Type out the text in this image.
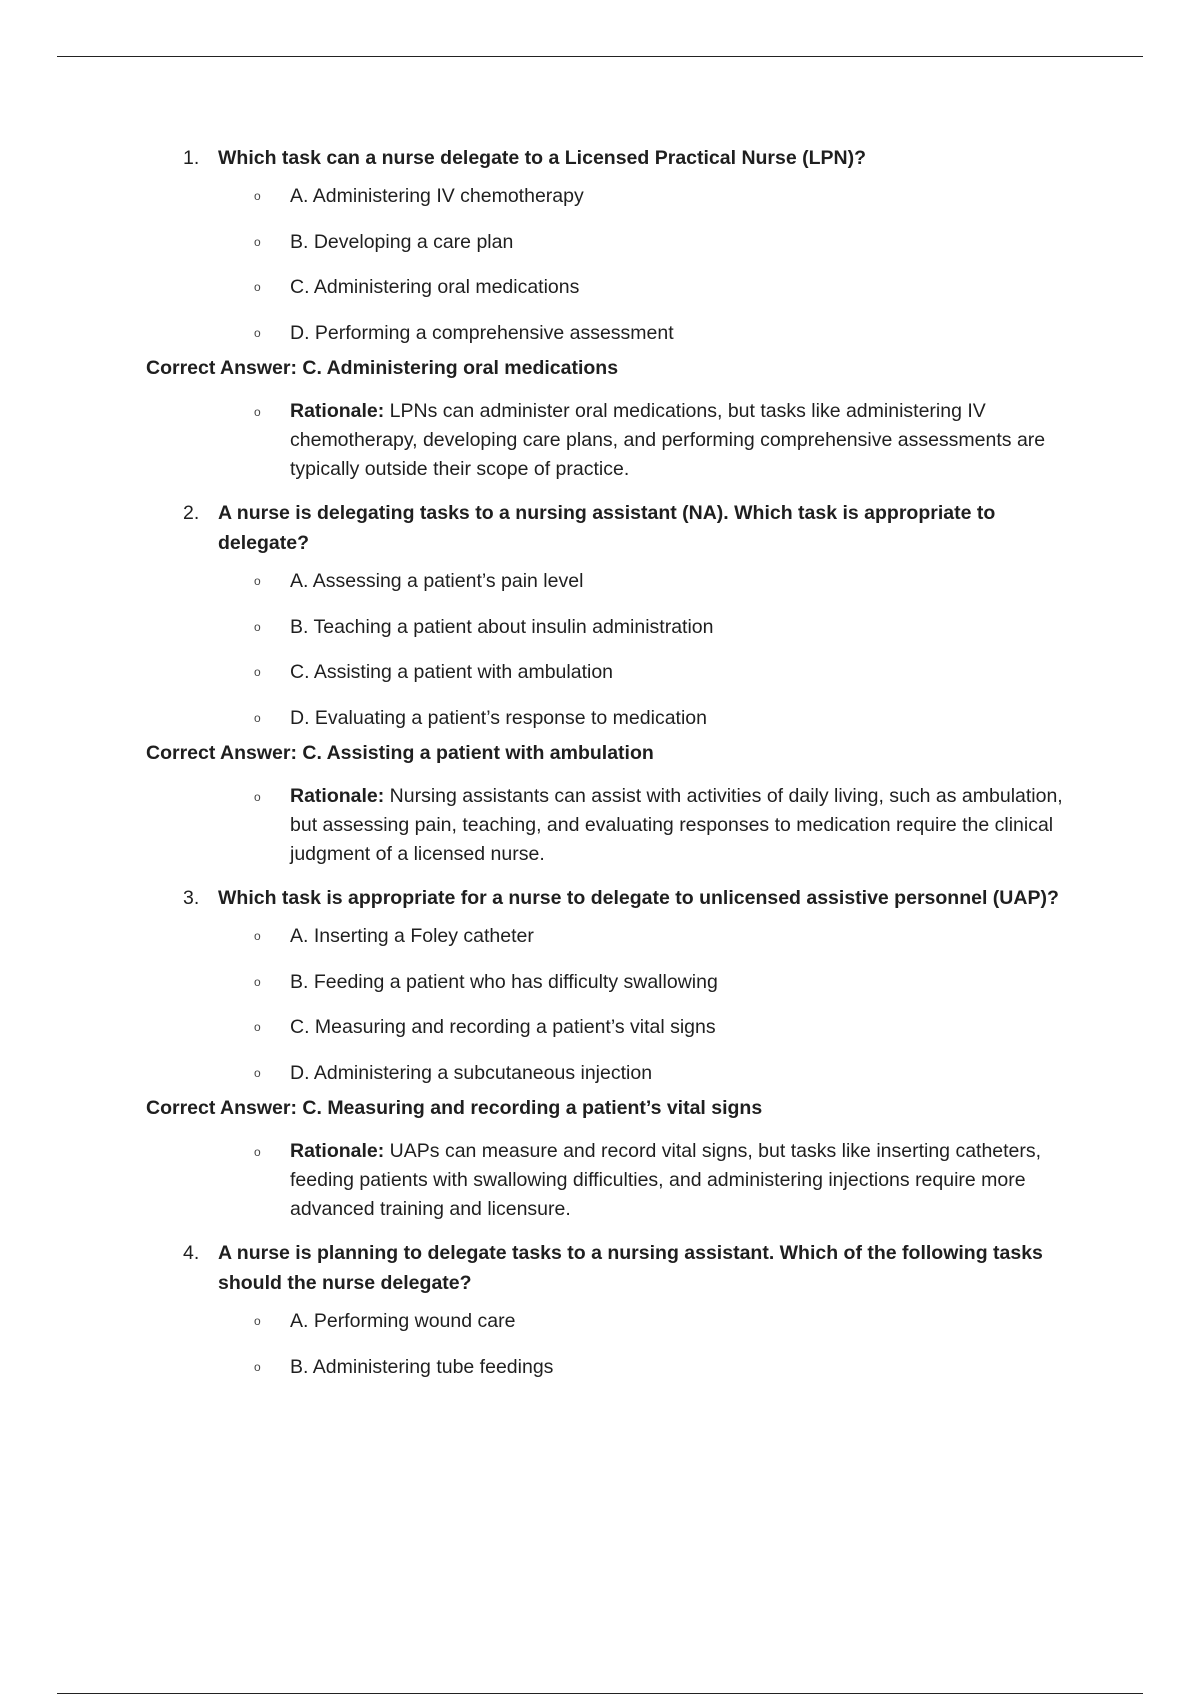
1. Which task can a nurse delegate to a Licensed Practical Nurse (LPN)?
o	A. Administering IV chemotherapy
o	B. Developing a care plan
o	C. Administering oral medications
o	D. Performing a comprehensive assessment
Correct Answer: C. Administering oral medications
o	Rationale: LPNs can administer oral medications, but tasks like administering IV chemotherapy, developing care plans, and performing comprehensive assessments are typically outside their scope of practice.
2. A nurse is delegating tasks to a nursing assistant (NA). Which task is appropriate to delegate?
o	A. Assessing a patient’s pain level
o	B. Teaching a patient about insulin administration
o	C. Assisting a patient with ambulation
o	D. Evaluating a patient’s response to medication
Correct Answer: C. Assisting a patient with ambulation
o	Rationale: Nursing assistants can assist with activities of daily living, such as ambulation, but assessing pain, teaching, and evaluating responses to medication require the clinical judgment of a licensed nurse.
3. Which task is appropriate for a nurse to delegate to unlicensed assistive personnel (UAP)?
o	A. Inserting a Foley catheter
o	B. Feeding a patient who has difficulty swallowing
o	C. Measuring and recording a patient’s vital signs
o	D. Administering a subcutaneous injection
Correct Answer: C. Measuring and recording a patient’s vital signs
o	Rationale: UAPs can measure and record vital signs, but tasks like inserting catheters, feeding patients with swallowing difficulties, and administering injections require more advanced training and licensure.
4. A nurse is planning to delegate tasks to a nursing assistant. Which of the following tasks should the nurse delegate?
o	A. Performing wound care
o	B. Administering tube feedings
